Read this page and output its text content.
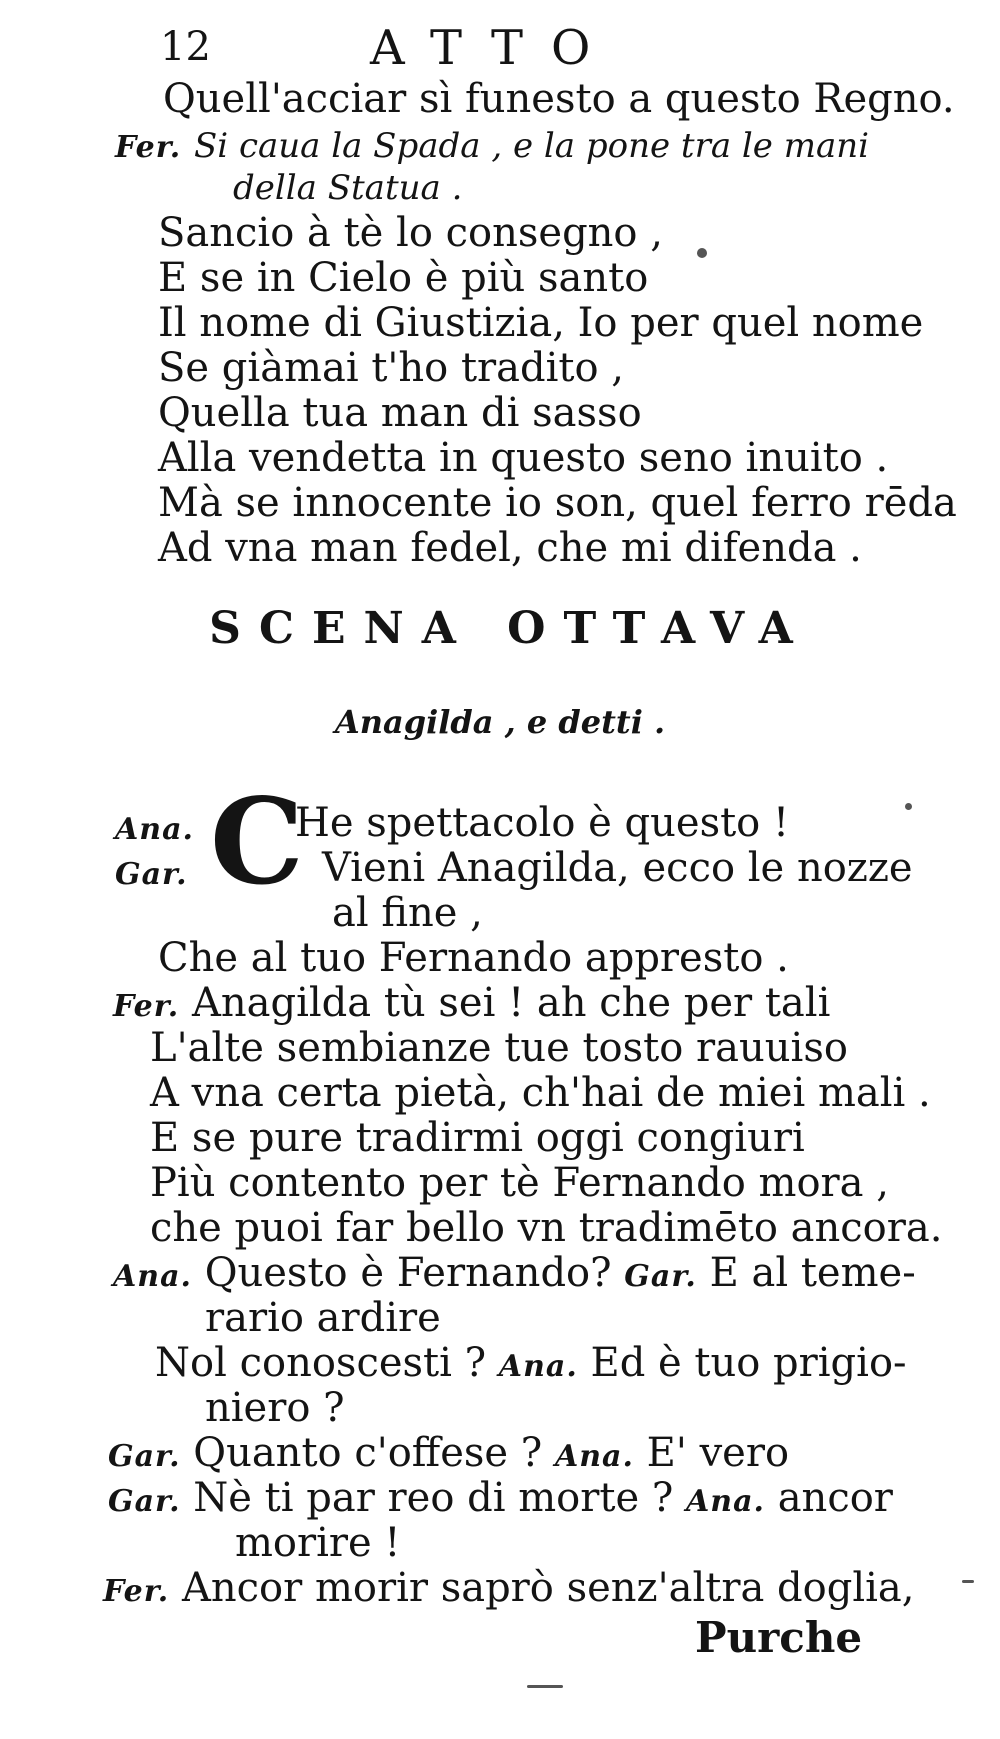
12	ATTO
Quell'acciar sì funesto a questo Regno.
Fer. Si caua la Spada , e la pone tra le mani
della Statua .
Sancio à tè lo consegno ,
E se in Cielo è più santo
Il nome di Giustizia, Io per quel nome
Se giàmai t'ho tradito ,
Quella tua man di sasso
Alla vendetta in questo seno inuito .
Mà se innocente io son, quel ferro rēda
Ad vna man fedel, che mi difenda .
SCENA OTTAVA
Anagilda , e detti .
Ana.
Gar. C
He spettacolo è questo !
Vieni Anagilda, ecco le nozze
al fine ,
Che al tuo Fernando appresto .
Fer. Anagilda tù sei ! ah che per tali
L'alte sembianze tue tosto rauuiso
A vna certa pietà, ch'hai de miei mali .
E se pure tradirmi oggi congiuri
Più contento per tè Fernando mora ,
che puoi far bello vn tradimēto ancora.
Ana. Questo è Fernando? Gar. E al teme-
rario ardire
Nol conoscesti ? Ana. Ed è tuo prigio-
niero ?
Gar. Quanto c'offese ? Ana. E' vero
Gar. Nè ti par reo di morte ? Ana. ancor
morire !
Fer. Ancor morir saprò senz'altra doglia,
Purche
